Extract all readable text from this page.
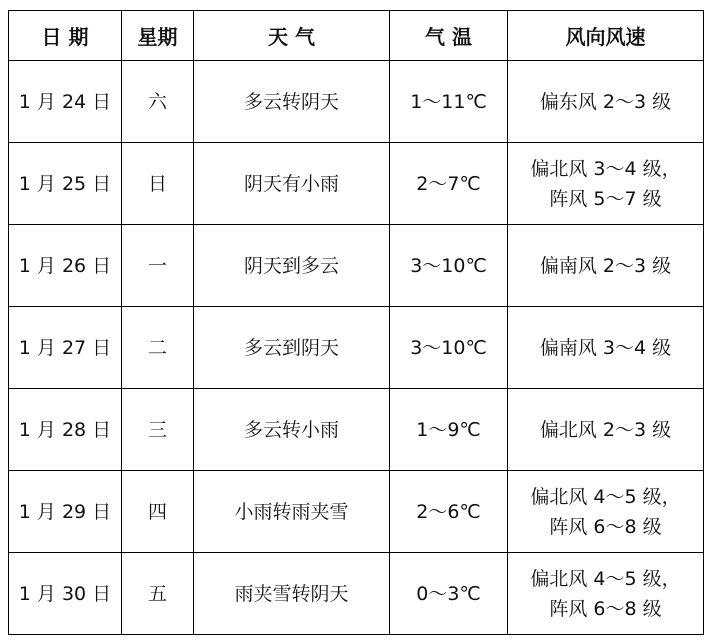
日 期	星期	天 气	气 温	风向风速
1 月 24 日	六	多云转阴天	1～11℃	偏东风 2～3 级

1 月 25 日	日	阴天有小雨	2～7℃	偏北风 3～4 级，
阵风 5～7 级

1 月 26 日	一	阴天到多云	3～10℃	偏南风 2～3 级

1 月 27 日	二	多云到阴天	3～10℃	偏南风 3～4 级

1 月 28 日	三	多云转小雨	1～9℃	偏北风 2～3 级

1 月 29 日	四	小雨转雨夹雪	2～6℃	偏北风 4～5 级，
阵风 6～8 级

1 月 30 日	五	雨夹雪转阴天	0～3℃	偏北风 4～5 级，
阵风 6～8 级
